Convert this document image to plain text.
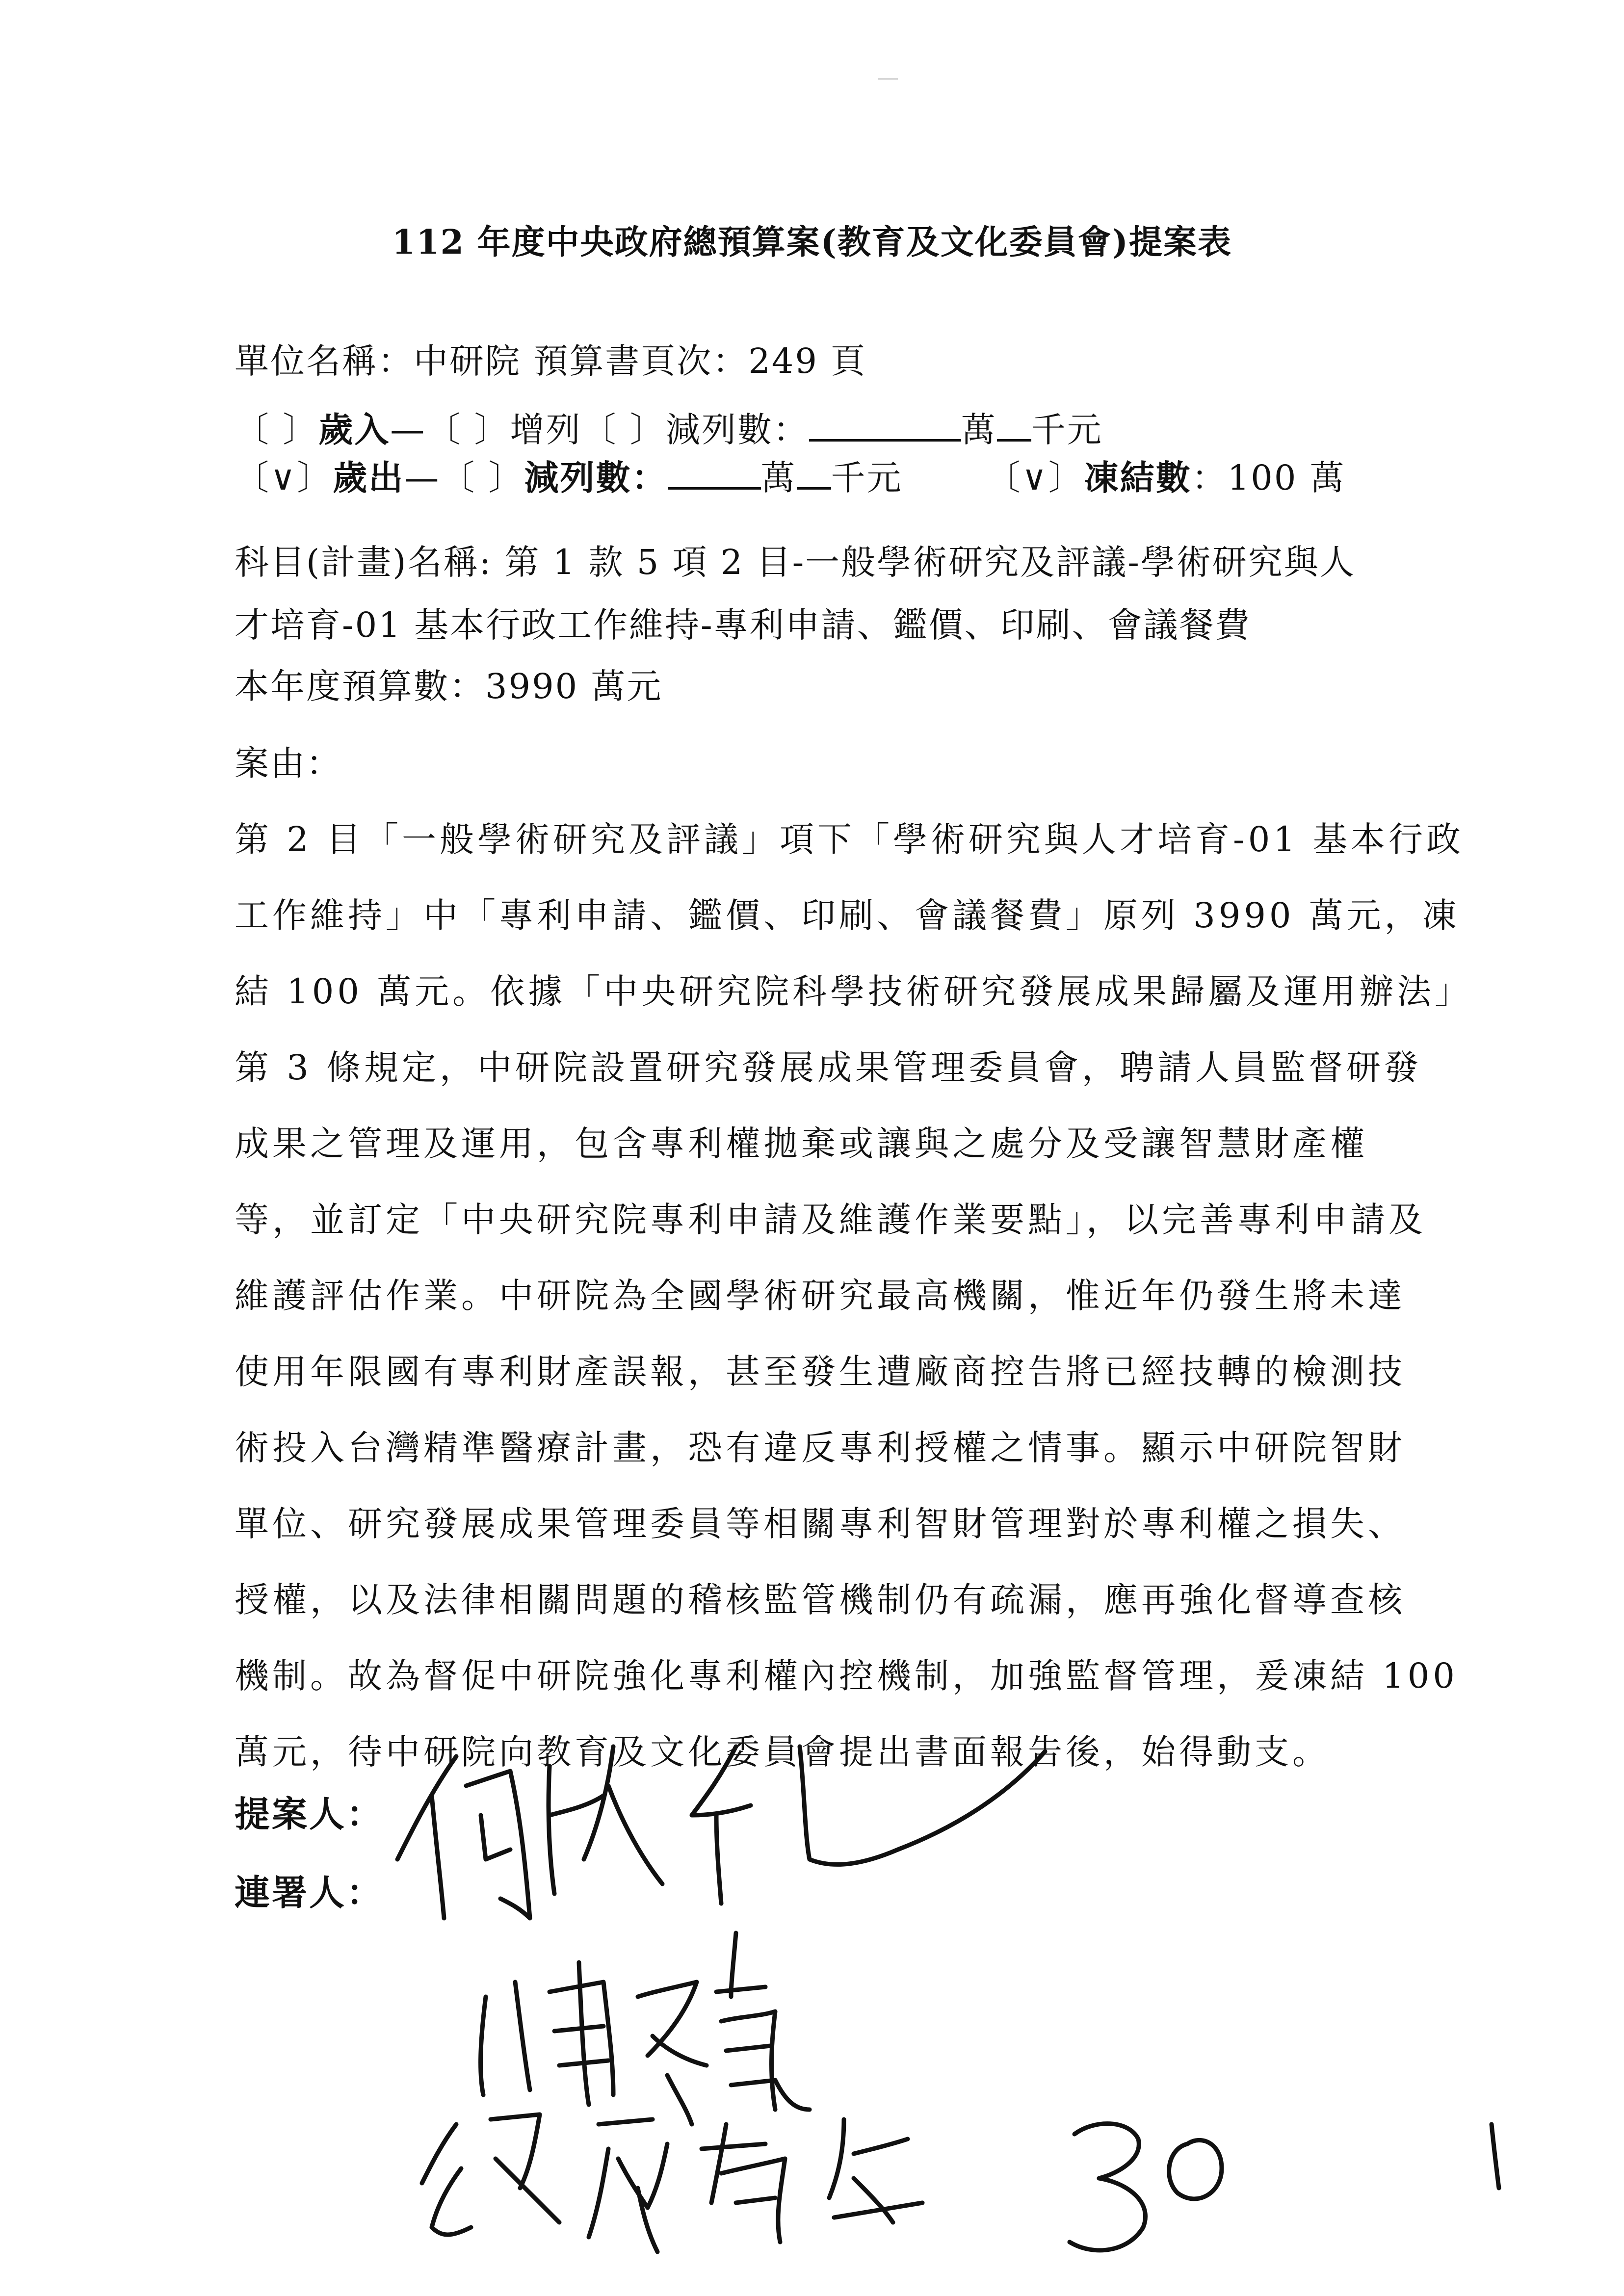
112 年度中央政府總預算案(教育及文化委員會)提案表
單位名稱：中研院 預算書頁次：249 頁
〔 〕歲入—〔 〕增列〔 〕減列數：	萬 千元
〔∨〕歲出—〔 〕減列數：	萬 千元 〔∨〕凍結數：100 萬
科目(計畫)名稱: 第 1 款 5 項 2 目-一般學術研究及評議-學術研究與人
才培育-01 基本行政工作維持-專利申請、鑑價、印刷、會議餐費
本年度預算數：3990 萬元
案由：
第 2 目「一般學術研究及評議」項下「學術研究與人才培育-01 基本行政
工作維持」中「專利申請、鑑價、印刷、會議餐費」原列 3990 萬元，凍
結 100 萬元。依據「中央研究院科學技術研究發展成果歸屬及運用辦法」
第 3 條規定，中研院設置研究發展成果管理委員會，聘請人員監督研發
成果之管理及運用，包含專利權拋棄或讓與之處分及受讓智慧財產權
等，並訂定「中央研究院專利申請及維護作業要點」，以完善專利申請及
維護評估作業。中研院為全國學術研究最高機關，惟近年仍發生將未達
使用年限國有專利財產誤報，甚至發生遭廠商控告將已經技轉的檢測技
術投入台灣精準醫療計畫，恐有違反專利授權之情事。顯示中研院智財
單位、研究發展成果管理委員等相關專利智財管理對於專利權之損失、
授權，以及法律相關問題的稽核監管機制仍有疏漏，應再強化督導查核
機制。故為督促中研院強化專利權內控機制，加強監督管理，爰凍結 100
萬元，待中研院向教育及文化委員會提出書面報告後，始得動支。
提案人：
連署人：
